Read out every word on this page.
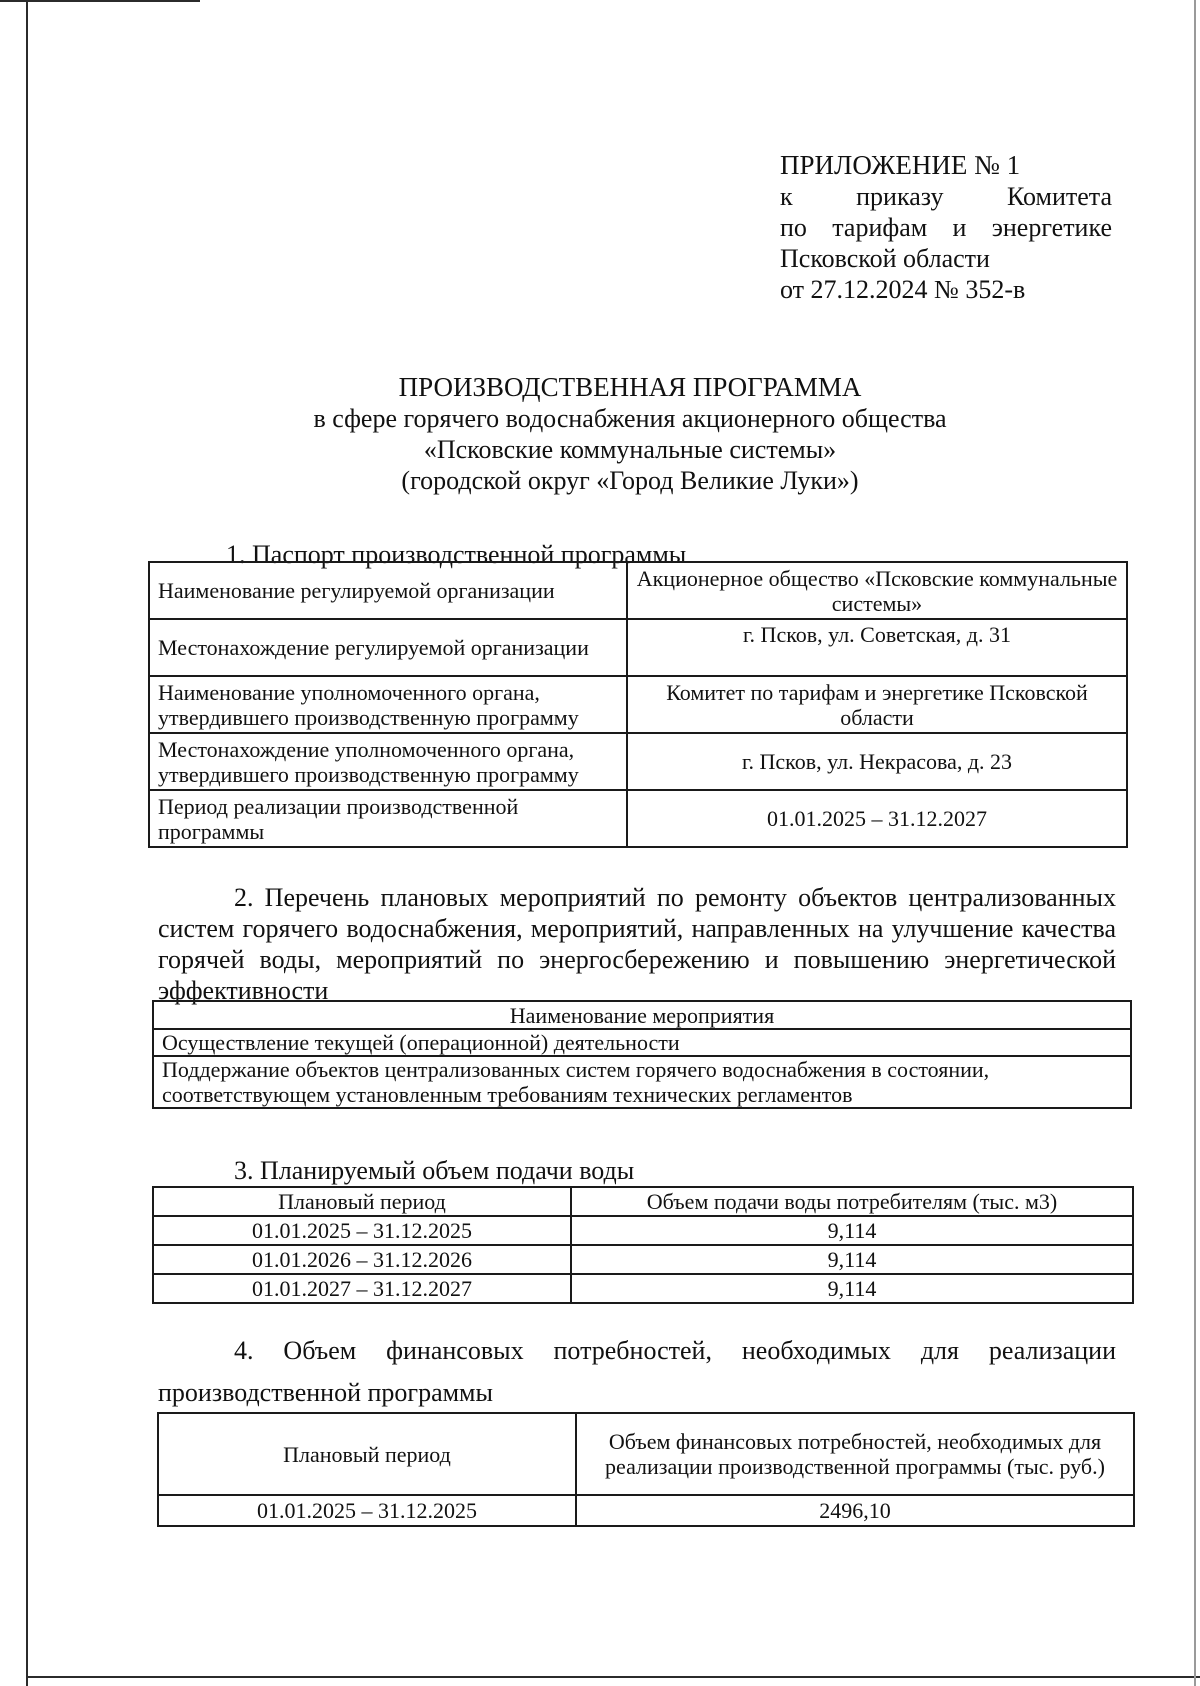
ПРИЛОЖЕНИЕ № 1
к приказу Комитета
по тарифам и энергетике
Псковской области
от 27.12.2024 № 352-в
ПРОИЗВОДСТВЕННАЯ ПРОГРАММА
в сфере горячего водоснабжения акционерного общества
«Псковские коммунальные системы»
(городской округ «Город Великие Луки»)
1. Паспорт производственной программы
Наименование регулируемой организации	Акционерное общество «Псковские коммунальные системы»
Местонахождение регулируемой организации	г. Псков, ул. Советская, д. 31
Наименование уполномоченного органа, утвердившего производственную программу	Комитет по тарифам и энергетике Псковской области
Местонахождение уполномоченного органа, утвердившего производственную программу	г. Псков, ул. Некрасова, д. 23
Период реализации производственной программы	01.01.2025 – 31.12.2027
2. Перечень плановых мероприятий по ремонту объектов централизованных систем горячего водоснабжения, мероприятий, направленных на улучшение качества горячей воды, мероприятий по энергосбережению и повышению энергетической эффективности
Наименование мероприятия
Осуществление текущей (операционной) деятельности
Поддержание объектов централизованных систем горячего водоснабжения в состоянии, соответствующем установленным требованиям технических регламентов
3. Планируемый объем подачи воды
Плановый период	Объем подачи воды потребителям (тыс. м3)
01.01.2025 – 31.12.2025	9,114
01.01.2026 – 31.12.2026	9,114
01.01.2027 – 31.12.2027	9,114
4. Объем финансовых потребностей, необходимых для реализации производственной программы
Плановый период	Объем финансовых потребностей, необходимых для реализации производственной программы (тыс. руб.)
01.01.2025 – 31.12.2025	2496,10
